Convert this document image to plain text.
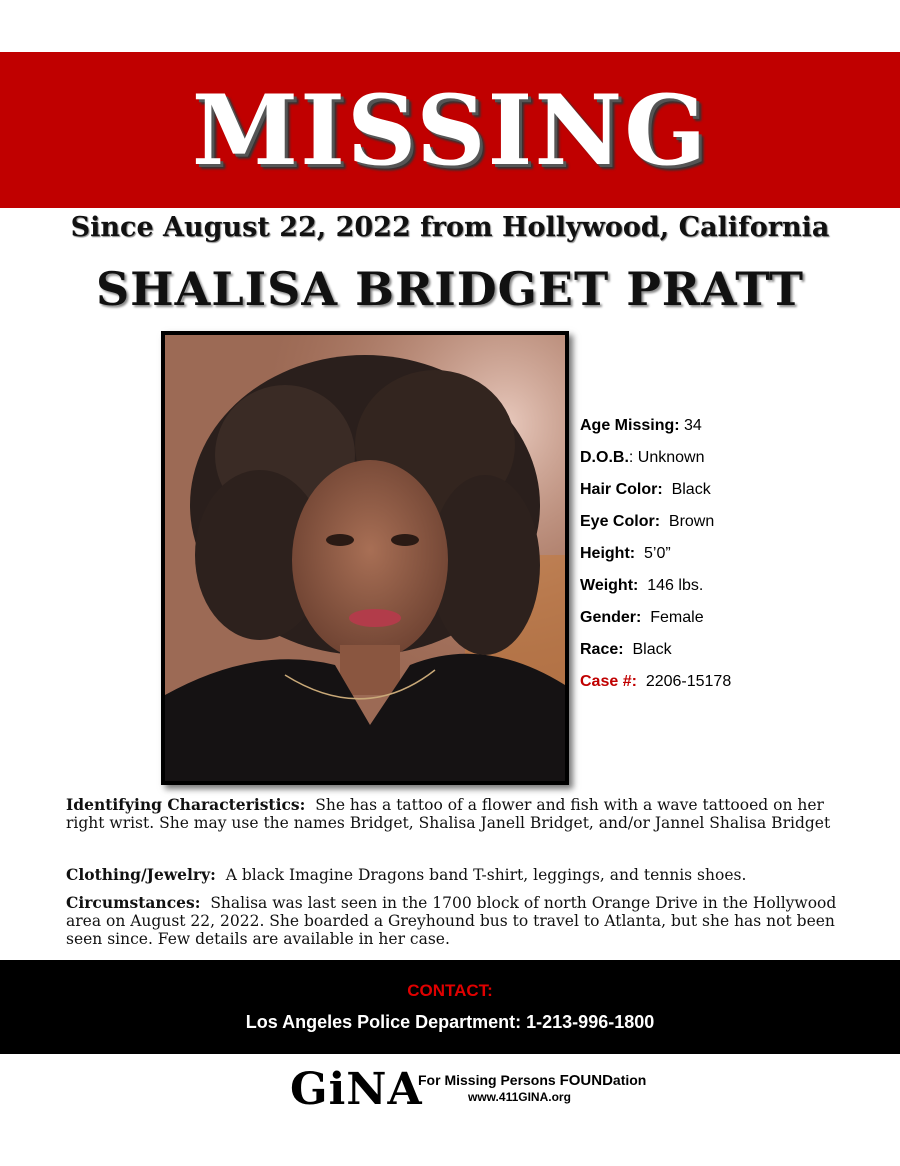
MISSING
Since August 22, 2022 from Hollywood, California
SHALISA BRIDGET PRATT
Age Missing: 34
D.O.B.: Unknown
Hair Color:  Black
Eye Color:  Brown
Height:  5’0”
Weight:  146 lbs.
Gender:  Female
Race:  Black
Case #:  2206-15178
Identifying Characteristics: She has a tattoo of a flower and fish with a wave tattooed on her right wrist. She may use the names Bridget, Shalisa Janell Bridget, and/or Jannel Shalisa Bridget
Clothing/Jewelry: A black Imagine Dragons band T-shirt, leggings, and tennis shoes.
Circumstances: Shalisa was last seen in the 1700 block of north Orange Drive in the Hollywood area on August 22, 2022. She boarded a Greyhound bus to travel to Atlanta, but she has not been seen since. Few details are available in her case.
CONTACT:
Los Angeles Police Department: 1-213-996-1800
GiNA
For Missing Persons FOUNDation
www.411GINA.org
